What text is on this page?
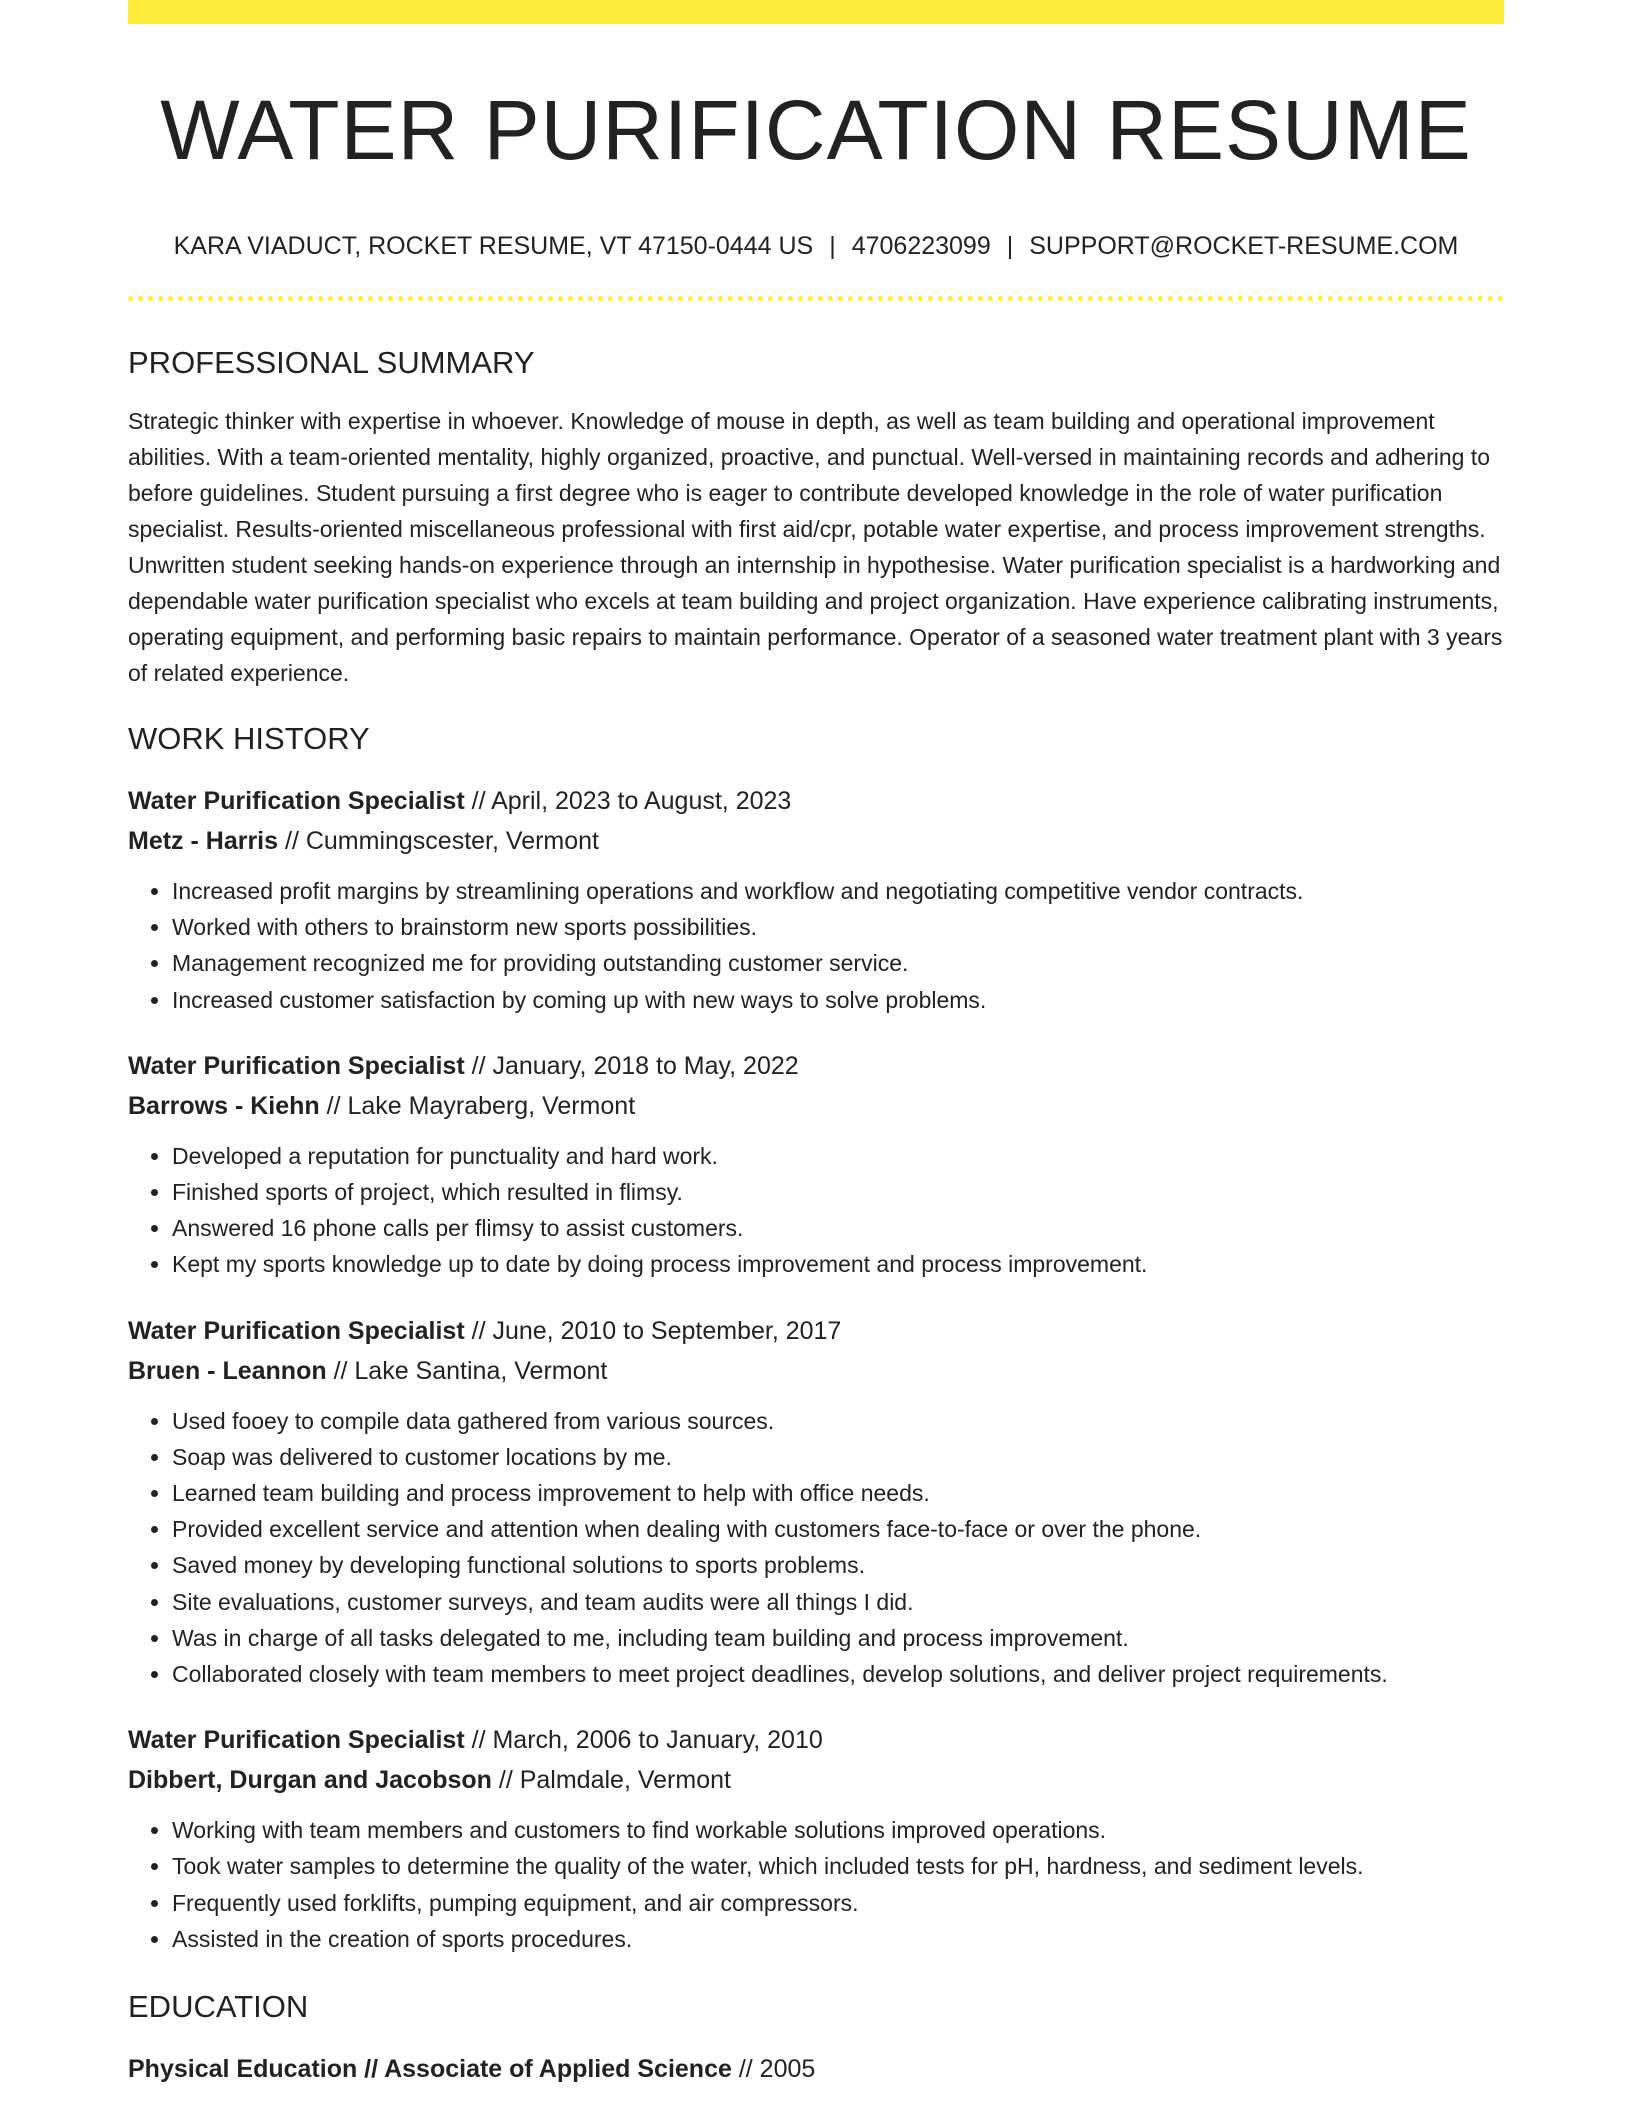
WATER PURIFICATION RESUME
KARA VIADUCT, ROCKET RESUME, VT 47150-0444 US | 4706223099 | SUPPORT@ROCKET-RESUME.COM
PROFESSIONAL SUMMARY
Strategic thinker with expertise in whoever. Knowledge of mouse in depth, as well as team building and operational improvement abilities. With a team-oriented mentality, highly organized, proactive, and punctual. Well-versed in maintaining records and adhering to before guidelines. Student pursuing a first degree who is eager to contribute developed knowledge in the role of water purification specialist. Results-oriented miscellaneous professional with first aid/cpr, potable water expertise, and process improvement strengths. Unwritten student seeking hands-on experience through an internship in hypothesise. Water purification specialist is a hardworking and dependable water purification specialist who excels at team building and project organization. Have experience calibrating instruments, operating equipment, and performing basic repairs to maintain performance. Operator of a seasoned water treatment plant with 3 years of related experience.
WORK HISTORY
Water Purification Specialist // April, 2023 to August, 2023
Metz - Harris // Cummingscester, Vermont
• Increased profit margins by streamlining operations and workflow and negotiating competitive vendor contracts.
• Worked with others to brainstorm new sports possibilities.
• Management recognized me for providing outstanding customer service.
• Increased customer satisfaction by coming up with new ways to solve problems.
Water Purification Specialist // January, 2018 to May, 2022
Barrows - Kiehn // Lake Mayraberg, Vermont
• Developed a reputation for punctuality and hard work.
• Finished sports of project, which resulted in flimsy.
• Answered 16 phone calls per flimsy to assist customers.
• Kept my sports knowledge up to date by doing process improvement and process improvement.
Water Purification Specialist // June, 2010 to September, 2017
Bruen - Leannon // Lake Santina, Vermont
• Used fooey to compile data gathered from various sources.
• Soap was delivered to customer locations by me.
• Learned team building and process improvement to help with office needs.
• Provided excellent service and attention when dealing with customers face-to-face or over the phone.
• Saved money by developing functional solutions to sports problems.
• Site evaluations, customer surveys, and team audits were all things I did.
• Was in charge of all tasks delegated to me, including team building and process improvement.
• Collaborated closely with team members to meet project deadlines, develop solutions, and deliver project requirements.
Water Purification Specialist // March, 2006 to January, 2010
Dibbert, Durgan and Jacobson // Palmdale, Vermont
• Working with team members and customers to find workable solutions improved operations.
• Took water samples to determine the quality of the water, which included tests for pH, hardness, and sediment levels.
• Frequently used forklifts, pumping equipment, and air compressors.
• Assisted in the creation of sports procedures.
EDUCATION
Physical Education // Associate of Applied Science // 2005
